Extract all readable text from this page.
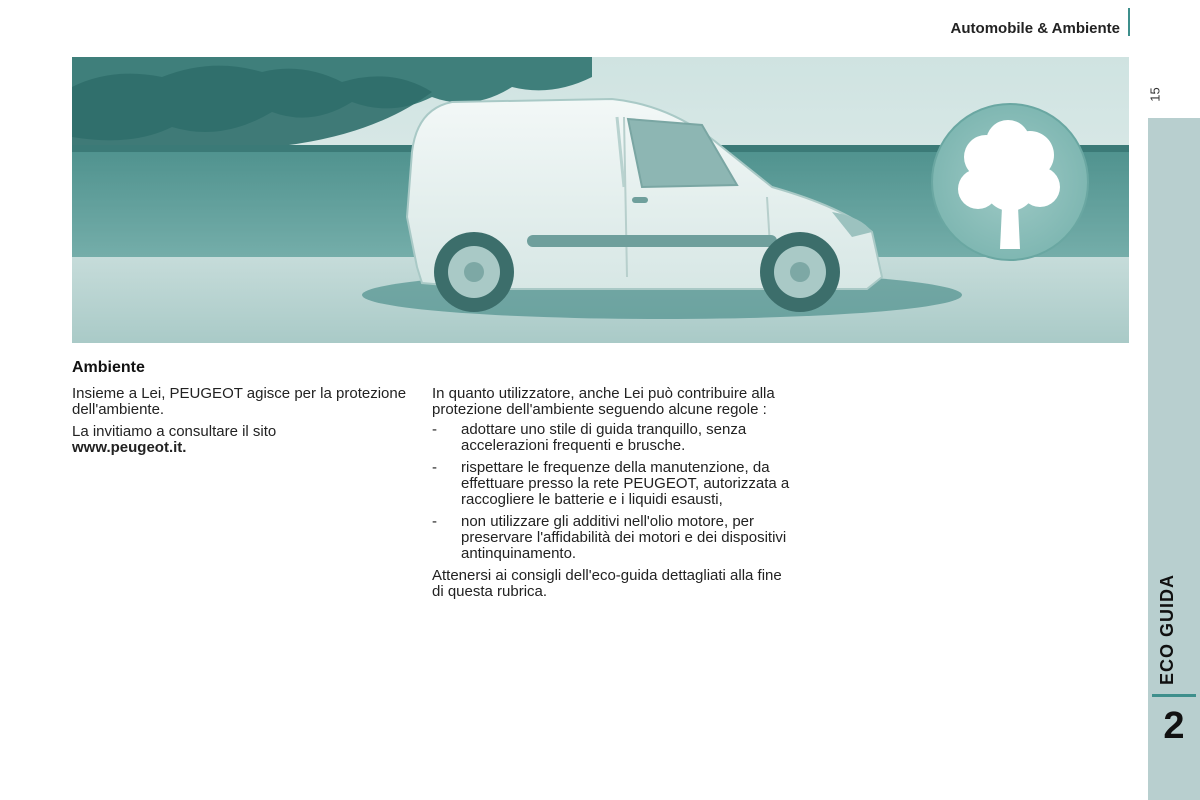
Automobile & Ambiente
15
ECO GUIDA
2
Ambiente

Insieme a Lei, PEUGEOT agisce per la protezione dell'ambiente.

La invitiamo a consultare il sito
www.peugeot.it.

In quanto utilizzatore, anche Lei può contribuire alla protezione dell'ambiente seguendo alcune regole :

- adottare uno stile di guida tranquillo, senza accelerazioni frequenti e brusche.
- rispettare le frequenze della manutenzione, da effettuare presso la rete PEUGEOT, autorizzata a raccogliere le batterie e i liquidi esausti,
- non utilizzare gli additivi nell'olio motore, per preservare l'affidabilità dei motori e dei dispositivi antinquinamento.

Attenersi ai consigli dell'eco-guida dettagliati alla fine di questa rubrica.
